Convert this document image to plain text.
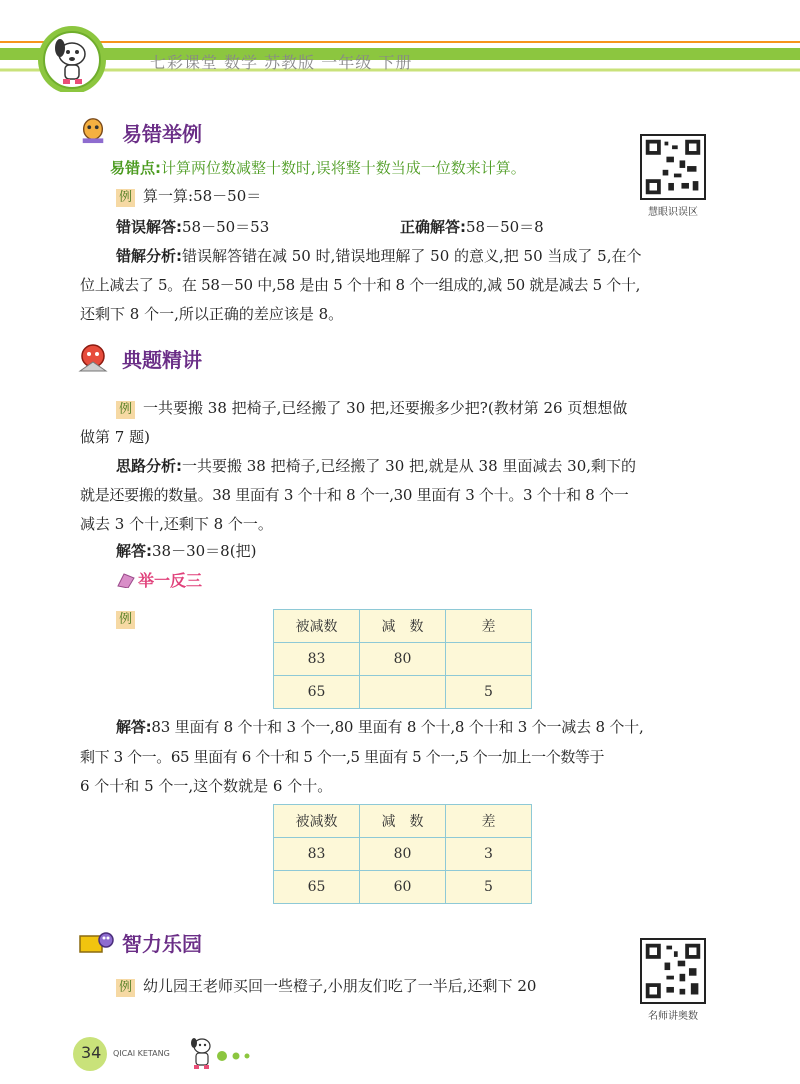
七彩课堂 数学 苏教版 一年级 下册
易错举例
慧眼识误区
易错点:计算两位数减整十数时,误将整十数当成一位数来计算。
例 算一算:58－50＝
错误解答:58－50＝53	正确解答:58－50＝8
错解分析:错误解答错在减 50 时,错误地理解了 50 的意义,把 50 当成了 5,在个
位上减去了 5。在 58－50 中,58 是由 5 个十和 8 个一组成的,减 50 就是减去 5 个十,
还剩下 8 个一,所以正确的差应该是 8。
典题精讲
例 一共要搬 38 把椅子,已经搬了 30 把,还要搬多少把?(教材第 26 页想想做
做第 7 题)
思路分析:一共要搬 38 把椅子,已经搬了 30 把,就是从 38 里面减去 30,剩下的
就是还要搬的数量。38 里面有 3 个十和 8 个一,30 里面有 3 个十。3 个十和 8 个一
减去 3 个十,还剩下 8 个一。
解答:38－30＝8(把)
举一反三
例	被减数	减　数	差
83	80	
65		5
解答:83 里面有 8 个十和 3 个一,80 里面有 8 个十,8 个十和 3 个一减去 8 个十,
剩下 3 个一。65 里面有 6 个十和 5 个一,5 里面有 5 个一,5 个一加上一个数等于
6 个十和 5 个一,这个数就是 6 个十。
被减数	减　数	差
83	80	3
65	60	5
智力乐园
名师讲奥数
例 幼儿园王老师买回一些橙子,小朋友们吃了一半后,还剩下 20
34 QICAI KETANG
